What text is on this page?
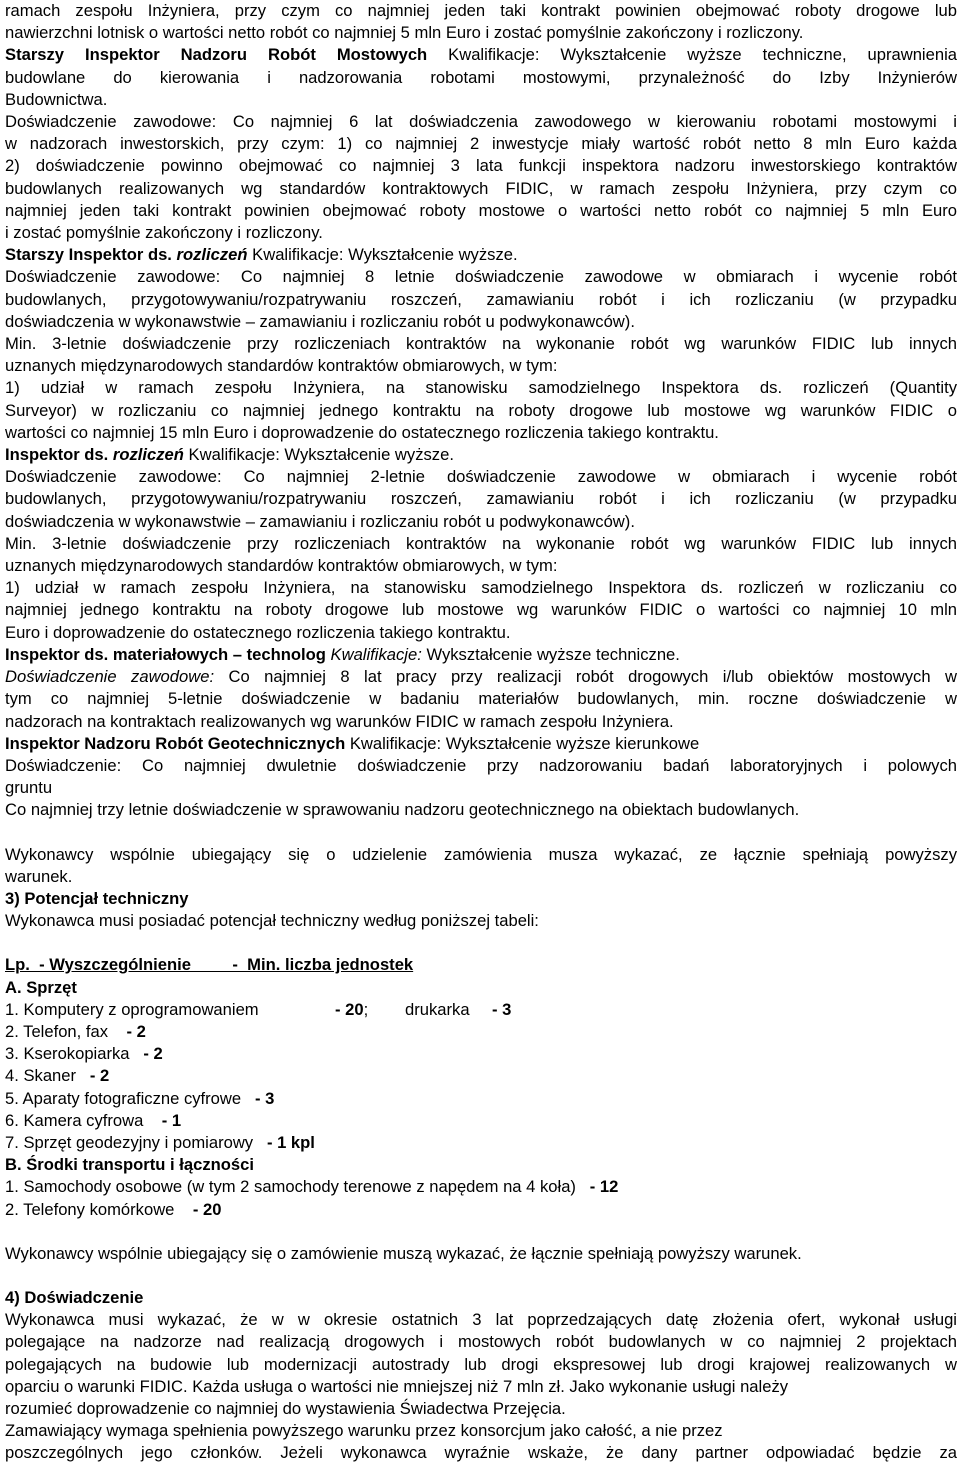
ramach zespołu Inżyniera, przy czym co najmniej jeden taki kontrakt powinien obejmować roboty drogowe lub
nawierzchni lotnisk o wartości netto robót co najmniej 5 mln Euro i zostać pomyślnie zakończony i rozliczony.
Starszy Inspektor Nadzoru Robót Mostowych Kwalifikacje: Wykształcenie wyższe techniczne, uprawnienia
budowlane do kierowania i nadzorowania robotami mostowymi, przynależność do Izby Inżynierów
Budownictwa.
Doświadczenie zawodowe: Co najmniej 6 lat doświadczenia zawodowego w kierowaniu robotami mostowymi i
w nadzorach inwestorskich, przy czym: 1) co najmniej 2 inwestycje miały wartość robót netto 8 mln Euro każda
2) doświadczenie powinno obejmować co najmniej 3 lata funkcji inspektora nadzoru inwestorskiego kontraktów
budowlanych realizowanych wg standardów kontraktowych FIDIC, w ramach zespołu Inżyniera, przy czym co
najmniej jeden taki kontrakt powinien obejmować roboty mostowe o wartości netto robót co najmniej 5 mln Euro
i zostać pomyślnie zakończony i rozliczony.
Starszy Inspektor ds. rozliczeń Kwalifikacje: Wykształcenie wyższe.
Doświadczenie zawodowe: Co najmniej 8 letnie doświadczenie zawodowe w obmiarach i wycenie robót
budowlanych, przygotowywaniu/rozpatrywaniu roszczeń, zamawianiu robót i ich rozliczaniu (w przypadku
doświadczenia w wykonawstwie – zamawianiu i rozliczaniu robót u podwykonawców).
Min. 3-letnie doświadczenie przy rozliczeniach kontraktów na wykonanie robót wg warunków FIDIC lub innych
uznanych międzynarodowych standardów kontraktów obmiarowych, w tym:
1) udział w ramach zespołu Inżyniera, na stanowisku samodzielnego Inspektora ds. rozliczeń (Quantity
Surveyor) w rozliczaniu co najmniej jednego kontraktu na roboty drogowe lub mostowe wg warunków FIDIC o
wartości co najmniej 15 mln Euro i doprowadzenie do ostatecznego rozliczenia takiego kontraktu.
Inspektor ds. rozliczeń Kwalifikacje: Wykształcenie wyższe.
Doświadczenie zawodowe: Co najmniej 2-letnie doświadczenie zawodowe w obmiarach i wycenie robót
budowlanych, przygotowywaniu/rozpatrywaniu roszczeń, zamawianiu robót i ich rozliczaniu (w przypadku
doświadczenia w wykonawstwie – zamawianiu i rozliczaniu robót u podwykonawców).
Min. 3-letnie doświadczenie przy rozliczeniach kontraktów na wykonanie robót wg warunków FIDIC lub innych
uznanych międzynarodowych standardów kontraktów obmiarowych, w tym:
1) udział w ramach zespołu Inżyniera, na stanowisku samodzielnego Inspektora ds. rozliczeń w rozliczaniu co
najmniej jednego kontraktu na roboty drogowe lub mostowe wg warunków FIDIC o wartości co najmniej 10 mln
Euro i doprowadzenie do ostatecznego rozliczenia takiego kontraktu.
Inspektor ds. materiałowych – technolog Kwalifikacje: Wykształcenie wyższe techniczne.
Doświadczenie zawodowe: Co najmniej 8 lat pracy przy realizacji robót drogowych i/lub obiektów mostowych w
tym co najmniej 5-letnie doświadczenie w badaniu materiałów budowlanych, min. roczne doświadczenie w
nadzorach na kontraktach realizowanych wg warunków FIDIC w ramach zespołu Inżyniera.
Inspektor Nadzoru Robót Geotechnicznych Kwalifikacje: Wykształcenie wyższe kierunkowe
Doświadczenie: Co najmniej dwuletnie doświadczenie przy nadzorowaniu badań laboratoryjnych i polowych
gruntu
Co najmniej trzy letnie doświadczenie w sprawowaniu nadzoru geotechnicznego na obiektach budowlanych.
Wykonawcy wspólnie ubiegający się o udzielenie zamówienia musza wykazać, ze łącznie spełniają powyższy
warunek.
3) Potencjał techniczny
Wykonawca musi posiadać potencjał techniczny według poniższej tabeli:
Lp.  - Wyszczególnienie         -  Min. liczba jednostek
A. Sprzęt
1. Komputery z oprogramowaniem	- 20; drukarka - 3
2. Telefon, fax    - 2
3. Kserokopiarka   - 2
4. Skaner   - 2
5. Aparaty fotograficzne cyfrowe   - 3
6. Kamera cyfrowa    - 1
7. Sprzęt geodezyjny i pomiarowy   - 1 kpl
B. Środki transportu i łączności
1. Samochody osobowe (w tym 2 samochody terenowe z napędem na 4 koła)   - 12
2. Telefony komórkowe    - 20
Wykonawcy wspólnie ubiegający się o zamówienie muszą wykazać, że łącznie spełniają powyższy warunek.
4) Doświadczenie
Wykonawca musi wykazać, że w w okresie ostatnich 3 lat poprzedzających datę złożenia ofert, wykonał usługi
polegające na nadzorze nad realizacją drogowych i mostowych robót budowlanych w co najmniej 2 projektach
polegających na budowie lub modernizacji autostrady lub drogi ekspresowej lub drogi krajowej realizowanych w
oparciu o warunki FIDIC. Każda usługa o wartości nie mniejszej niż 7 mln zł. Jako wykonanie usługi należy
rozumieć doprowadzenie co najmniej do wystawienia Świadectwa Przejęcia.
Zamawiający wymaga spełnienia powyższego warunku przez konsorcjum jako całość, a nie przez
poszczególnych jego członków. Jeżeli wykonawca wyraźnie wskaże, że dany partner odpowiadać będzie za
